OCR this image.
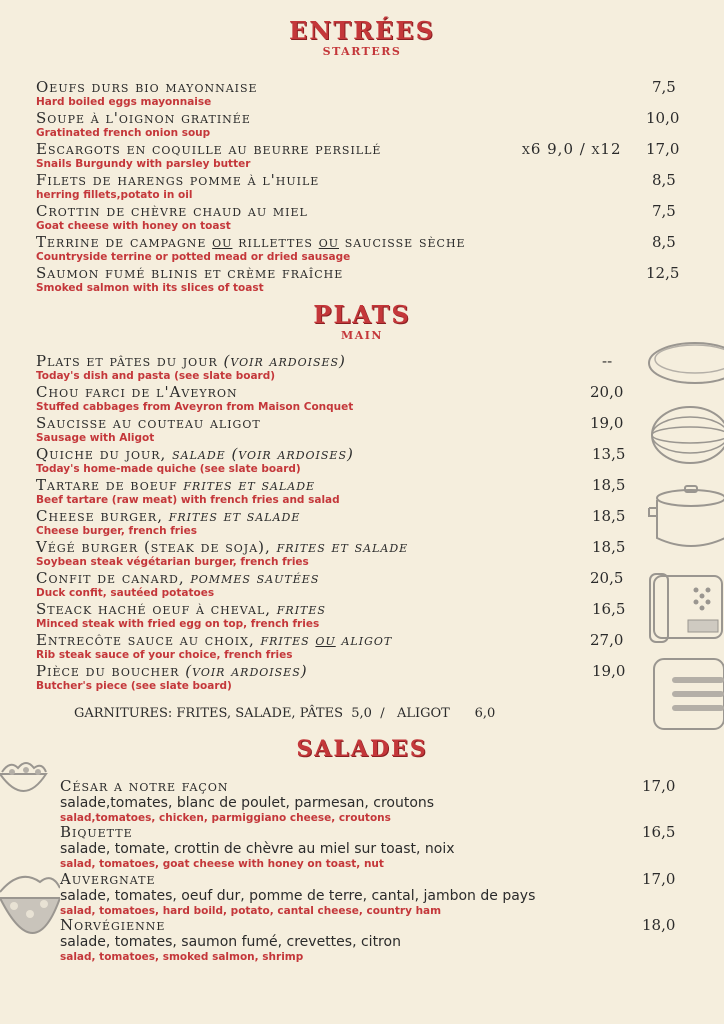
ENTRÉES
STARTERS
Oeufs durs bio mayonnaise
Hard boiled eggs mayonnaise
7,5
Soupe à l'oignon gratinée
Gratinated french onion soup
10,0
Escargots en coquille au beurre persillé
Snails Burgundy with parsley butter
x6 9,0 / x12 17,0
Filets de harengs pomme à l'huile
herring fillets,potato in oil
8,5
Crottin de chèvre chaud au miel
Goat cheese with honey on toast
7,5
Terrine de campagne ou rillettes ou saucisse sèche
Countryside terrine or potted mead or dried sausage
8,5
Saumon fumé blinis et crème fraîche
Smoked salmon with its slices of toast
12,5
PLATS
MAIN
Plats et pâtes du jour (voir ardoises)
Today's dish and pasta (see slate board)
--
Chou farci de l'Aveyron
Stuffed cabbages from Aveyron from Maison Conquet
20,0
Saucisse au couteau aligot
Sausage with Aligot
19,0
Quiche du jour, salade (voir ardoises)
Today's home-made quiche (see slate board)
13,5
Tartare de boeuf frites et salade
Beef tartare (raw meat) with french fries and salad
18,5
Cheese burger, frites et salade
Cheese burger, french fries
18,5
Végé burger (steak de soja), frites et salade
Soybean steak végétarian burger, french fries
18,5
Confit de canard, pommes sautées
Duck confit, sautéed potatoes
20,5
Steack haché oeuf à cheval, frites
Minced steak with fried egg on top, french fries
16,5
Entrecôte sauce au choix, frites ou aligot
Rib steak sauce of your choice, french fries
27,0
Pièce du boucher (voir ardoises)
Butcher's piece (see slate board)
19,0
GARNITURES: FRITES, SALADE, PÂTES  5,0  /   ALIGOT      6,0
SALADES
César a notre façon
salade,tomates, blanc de poulet, parmesan, croutons
salad,tomatoes, chicken, parmiggiano cheese, croutons
17,0
Biquette
salade, tomate, crottin de chèvre au miel sur toast, noix
salad, tomatoes, goat cheese with honey on toast, nut
16,5
Auvergnate
salade, tomates, oeuf dur, pomme de terre, cantal, jambon de pays
salad, tomatoes, hard boild, potato, cantal cheese, country ham
17,0
Norvégienne
salade, tomates, saumon fumé, crevettes, citron
salad, tomatoes, smoked salmon, shrimp
18,0
